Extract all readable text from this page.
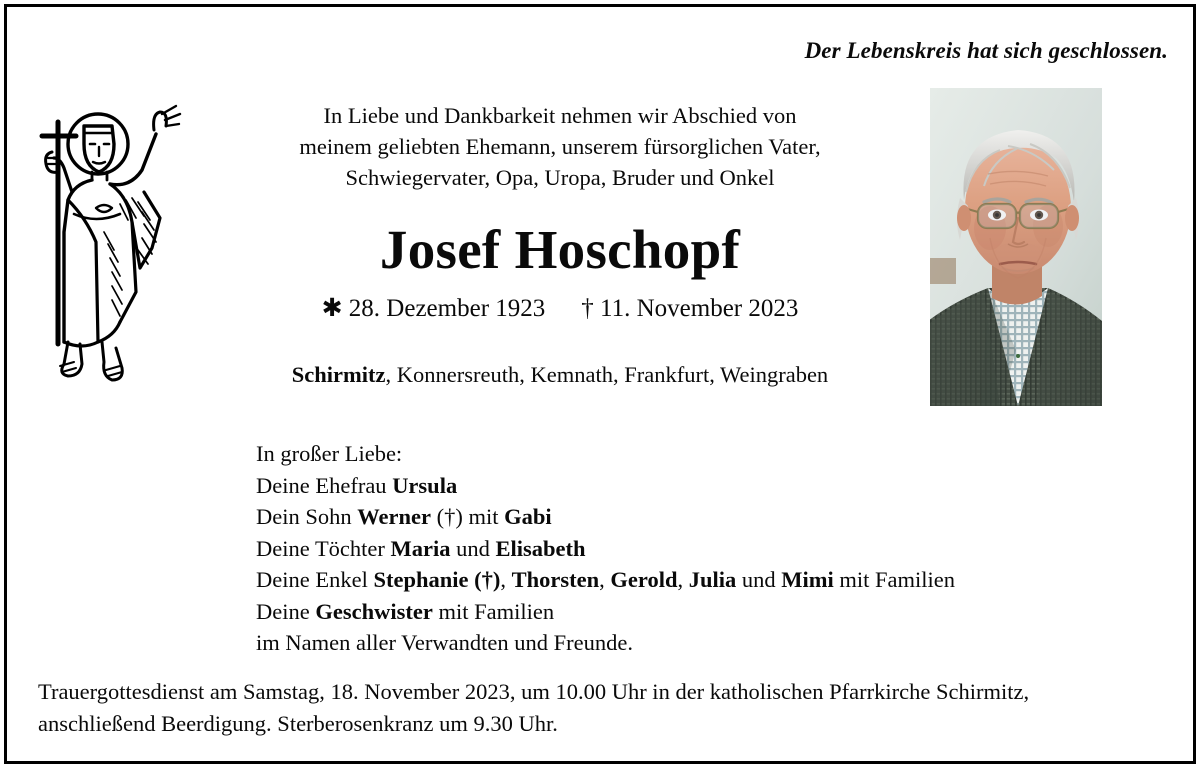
Der Lebenskreis hat sich geschlossen.
In Liebe und Dankbarkeit nehmen wir Abschied von
meinem geliebten Ehemann, unserem fürsorglichen Vater,
Schwiegervater, Opa, Uropa, Bruder und Onkel
Josef Hoschopf
✱ 28. Dezember 1923 † 11. November 2023
Schirmitz, Konnersreuth, Kemnath, Frankfurt, Weingraben
In großer Liebe:
Deine Ehefrau Ursula
Dein Sohn Werner (†) mit Gabi
Deine Töchter Maria und Elisabeth
Deine Enkel Stephanie (†), Thorsten, Gerold, Julia und Mimi mit Familien
Deine Geschwister mit Familien
im Namen aller Verwandten und Freunde.
Trauergottesdienst am Samstag, 18. November 2023, um 10.00 Uhr in der katholischen Pfarrkirche Schirmitz,
anschließend Beerdigung. Sterberosenkranz um 9.30 Uhr.
